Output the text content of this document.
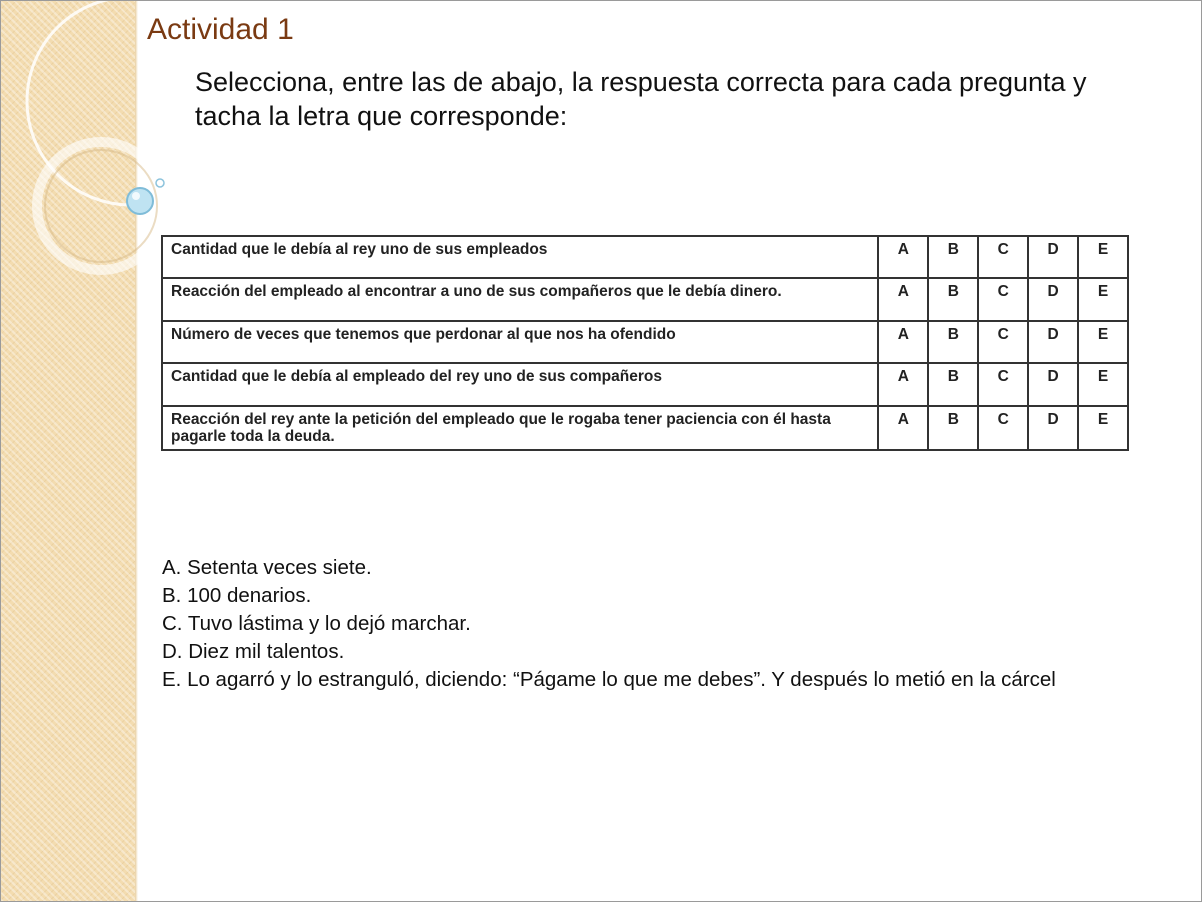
Actividad 1

Selecciona, entre las de abajo, la respuesta correcta para cada pregunta y tacha la letra que corresponde:

Cantidad que le debía al rey uno de sus empleados	A	B	C	D	E
Reacción del empleado al encontrar a uno de sus compañeros que le debía dinero.	A	B	C	D	E
Número de veces que tenemos que perdonar al que nos ha ofendido	A	B	C	D	E
Cantidad que le debía al empleado del rey uno de sus compañeros	A	B	C	D	E
Reacción del rey ante la petición del empleado que le rogaba tener paciencia con él hasta pagarle toda la deuda.	A	B	C	D	E
A. Setenta veces siete.
B. 100 denarios.
C. Tuvo lástima y lo dejó marchar.
D. Diez mil talentos.
E. Lo agarró y lo estranguló, diciendo: “Págame lo que me debes”. Y después lo metió en la cárcel
